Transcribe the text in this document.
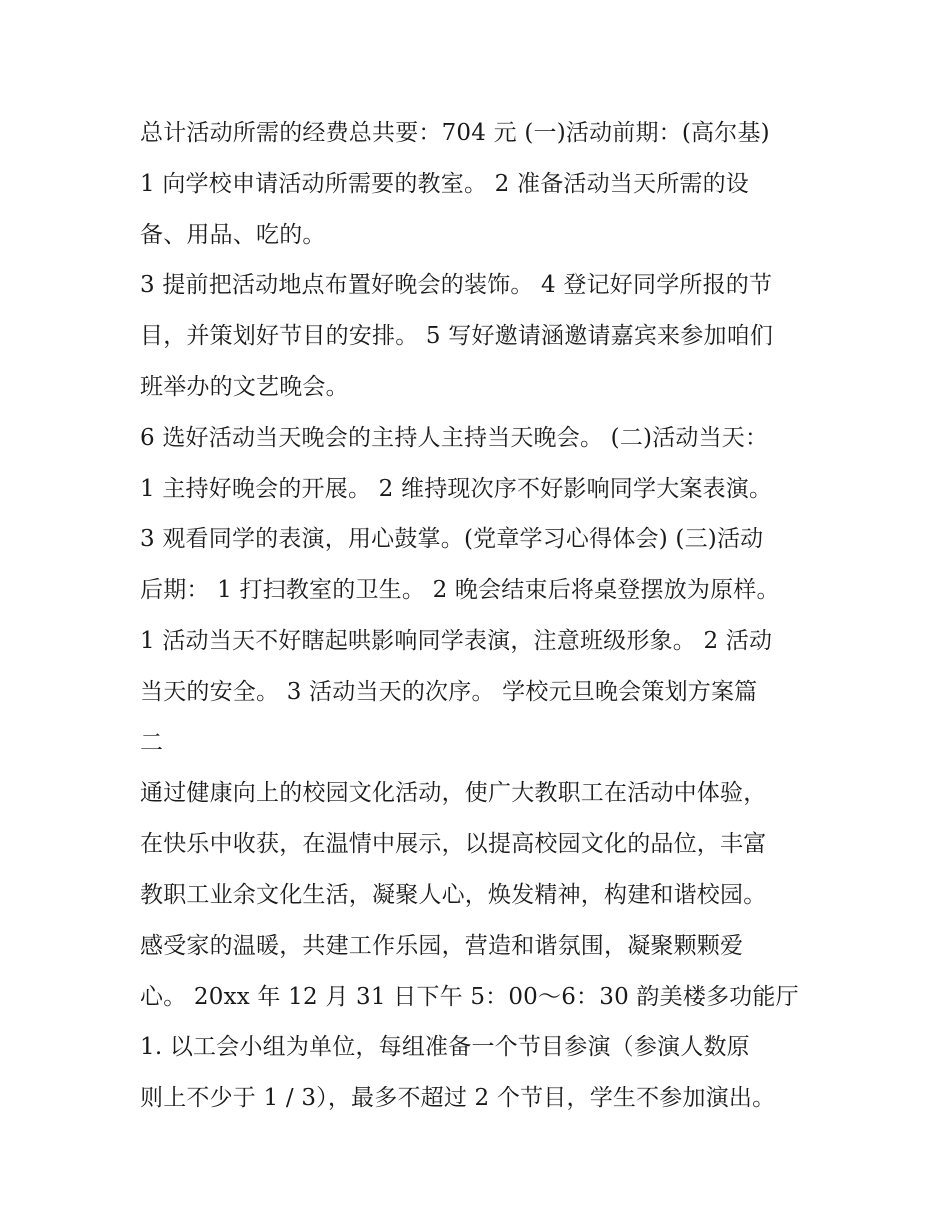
总计活动所需的经费总共要：704 元 (一)活动前期：(高尔基)
1 向学校申请活动所需要的教室。 2 准备活动当天所需的设
备、用品、吃的。
3 提前把活动地点布置好晚会的装饰。 4 登记好同学所报的节
目，并策划好节目的安排。 5 写好邀请涵邀请嘉宾来参加咱们
班举办的文艺晚会。
6 选好活动当天晚会的主持人主持当天晚会。 (二)活动当天：
1 主持好晚会的开展。 2 维持现次序不好影响同学大案表演。
3 观看同学的表演，用心鼓掌。(党章学习心得体会) (三)活动
后期： 1 打扫教室的卫生。 2 晚会结束后将桌登摆放为原样。
1 活动当天不好瞎起哄影响同学表演，注意班级形象。 2 活动
当天的安全。 3 活动当天的次序。 学校元旦晚会策划方案篇
二
通过健康向上的校园文化活动，使广大教职工在活动中体验，
在快乐中收获，在温情中展示，以提高校园文化的品位，丰富
教职工业余文化生活，凝聚人心，焕发精神，构建和谐校园。
感受家的温暖，共建工作乐园，营造和谐氛围，凝聚颗颗爱
心。 20xx 年 12 月 31 日下午 5：00～6：30 韵美楼多功能厅
1. 以工会小组为单位，每组准备一个节目参演（参演人数原
则上不少于 1 / 3），最多不超过 2 个节目，学生不参加演出。
